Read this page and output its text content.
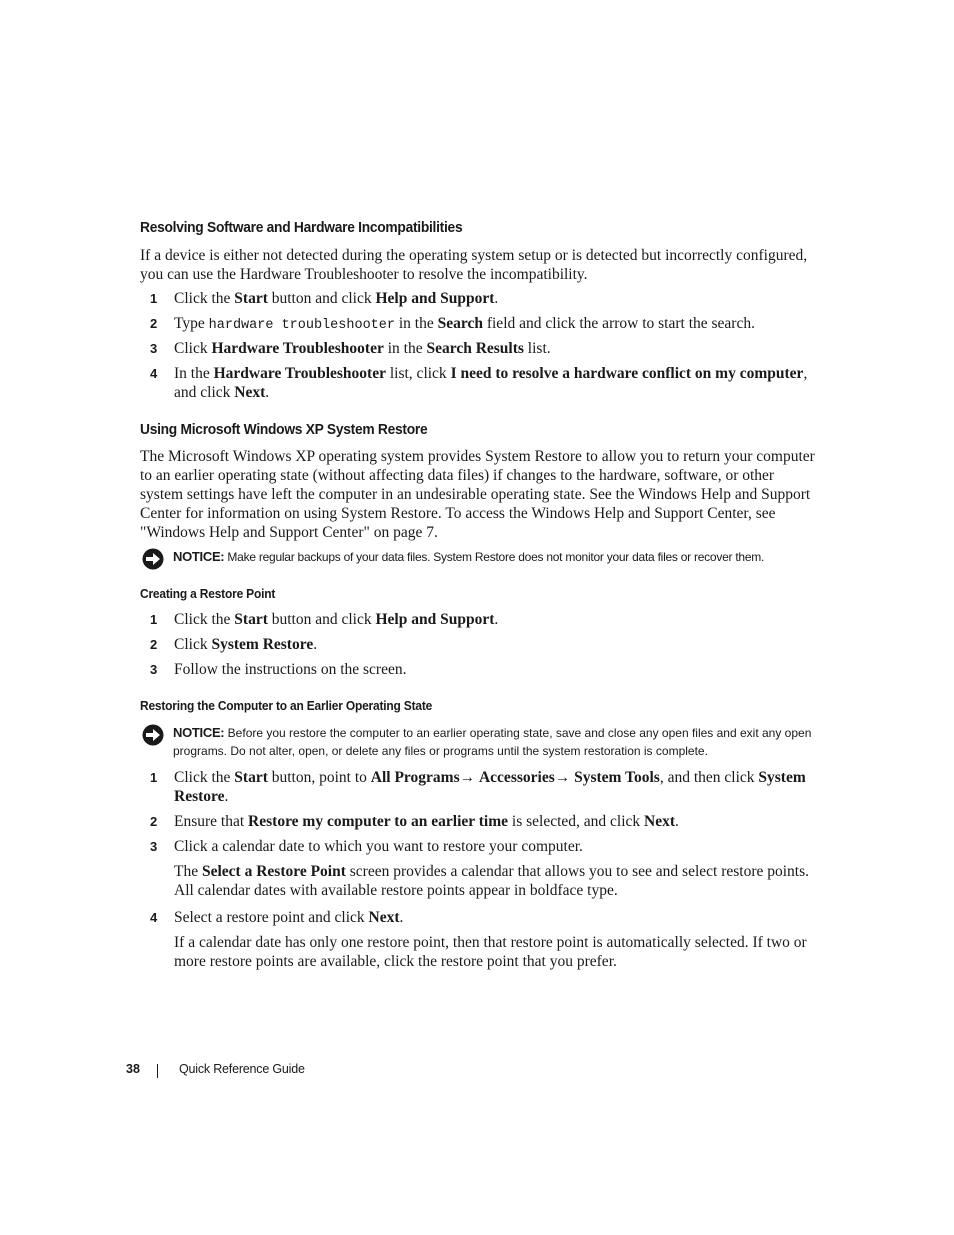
Resolving Software and Hardware Incompatibilities
If a device is either not detected during the operating system setup or is detected but incorrectly configured, you can use the Hardware Troubleshooter to resolve the incompatibility.
1 Click the Start button and click Help and Support.
2 Type hardware troubleshooter in the Search field and click the arrow to start the search.
3 Click Hardware Troubleshooter in the Search Results list.
4 In the Hardware Troubleshooter list, click I need to resolve a hardware conflict on my computer, and click Next.
Using Microsoft Windows XP System Restore
The Microsoft Windows XP operating system provides System Restore to allow you to return your computer to an earlier operating state (without affecting data files) if changes to the hardware, software, or other system settings have left the computer in an undesirable operating state. See the Windows Help and Support Center for information on using System Restore. To access the Windows Help and Support Center, see "Windows Help and Support Center" on page 7.
NOTICE: Make regular backups of your data files. System Restore does not monitor your data files or recover them.
Creating a Restore Point
1 Click the Start button and click Help and Support.
2 Click System Restore.
3 Follow the instructions on the screen.
Restoring the Computer to an Earlier Operating State
NOTICE: Before you restore the computer to an earlier operating state, save and close any open files and exit any open programs. Do not alter, open, or delete any files or programs until the system restoration is complete.
1 Click the Start button, point to All Programs→ Accessories→ System Tools, and then click System Restore.
2 Ensure that Restore my computer to an earlier time is selected, and click Next.
3 Click a calendar date to which you want to restore your computer.
The Select a Restore Point screen provides a calendar that allows you to see and select restore points. All calendar dates with available restore points appear in boldface type.
4 Select a restore point and click Next.
If a calendar date has only one restore point, then that restore point is automatically selected. If two or more restore points are available, click the restore point that you prefer.
38	Quick Reference Guide
